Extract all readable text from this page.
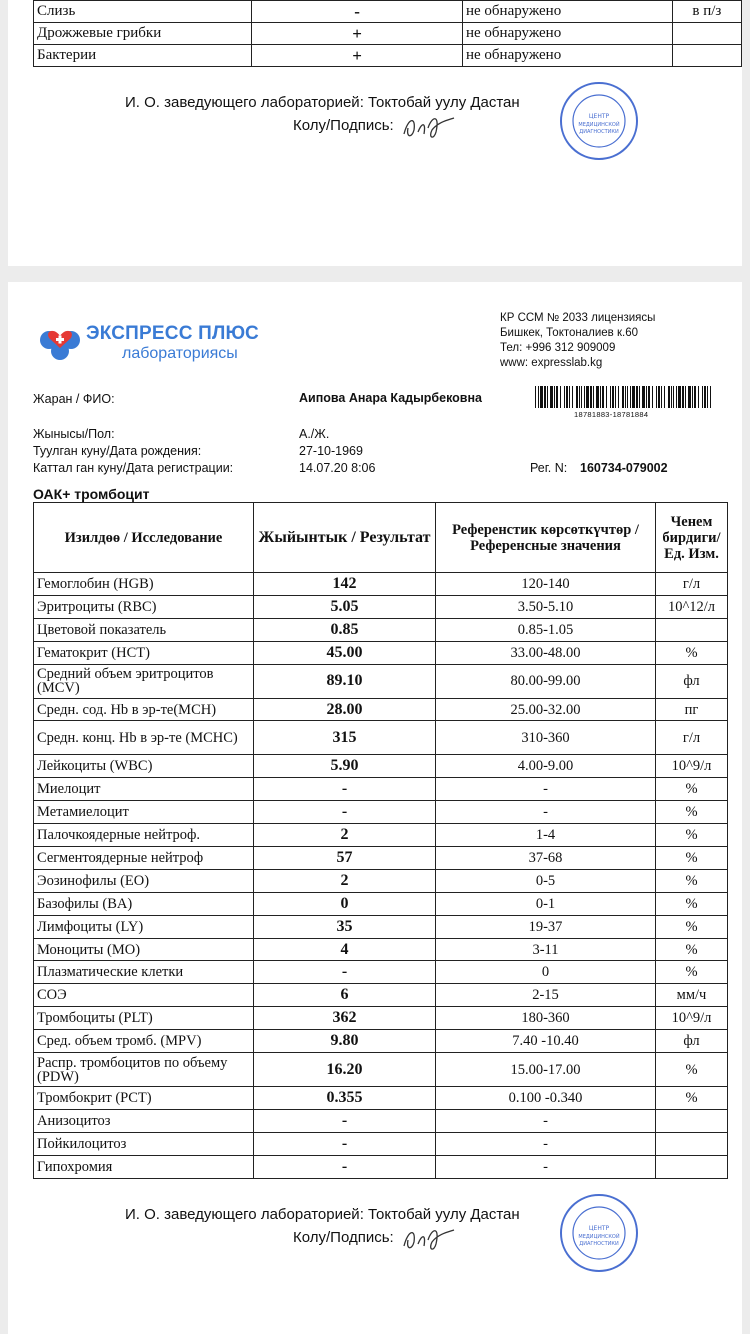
Слизь	-	не обнаружено	в п/з
Дрожжевые грибки	+	не обнаружено	
Бактерии	+	не обнаружено	
И. О. заведующего лабораторией: Токтобай уулу Дастан
Колу/Подпись:
ЦЕНТР
МЕДИЦИНСКОЙ
ДИАГНОСТИКИ
ЭКСПРЕСС ПЛЮС
лабораториясы
КР ССМ № 2033 лицензиясы
Бишкек, Токтоналиев к.60
Тел: +996 312 909009
www: expresslab.kg
Жаран / ФИО:	Аипова Анара Кадырбековна
18781883-18781884
Жынысы/Пол:	А./Ж.
Туулган куну/Дата рождения:	27-10-1969
Каттал ган куну/Дата регистрации:	14.07.20 8:06	Рег. N: 160734-079002
ОАК+ тромбоцит
Изилдөө / Исследование	Жыйынтык / Результат	Референстик көрсөткүчтөр / Референсные значения	Ченем бирдиги/ Ед. Изм.
Гемоглобин (HGB)	142	120-140	г/л
Эритроциты (RBC)	5.05	3.50-5.10	10^12/л
Цветовой показатель	0.85	0.85-1.05	
Гематокрит (HCT)	45.00	33.00-48.00	%
Средний объем эритроцитов (MCV)	89.10	80.00-99.00	фл
Средн. сод. Hb в эр-те(MCH)	28.00	25.00-32.00	пг
Средн. конц. Hb в эр-те (MCHC)	315	310-360	г/л
Лейкоциты (WBC)	5.90	4.00-9.00	10^9/л
Миелоцит	-	-	%
Метамиелоцит	-	-	%
Палочкоядерные нейтроф.	2	1-4	%
Сегментоядерные нейтроф	57	37-68	%
Эозинофилы (EO)	2	0-5	%
Базофилы (BA)	0	0-1	%
Лимфоциты (LY)	35	19-37	%
Моноциты (MO)	4	3-11	%
Плазматические клетки	-	0	%
СОЭ	6	2-15	мм/ч
Тромбоциты (PLT)	362	180-360	10^9/л
Сред. объем тромб. (MPV)	9.80	7.40 -10.40	фл
Распр. тромбоцитов по объему (PDW)	16.20	15.00-17.00	%
Тромбокрит (PCT)	0.355	0.100 -0.340	%
Анизоцитоз	-	-	
Пойкилоцитоз	-	-	
Гипохромия	-	-	
И. О. заведующего лабораторией: Токтобай уулу Дастан
Колу/Подпись:
ЦЕНТР
МЕДИЦИНСКОЙ
ДИАГНОСТИКИ
